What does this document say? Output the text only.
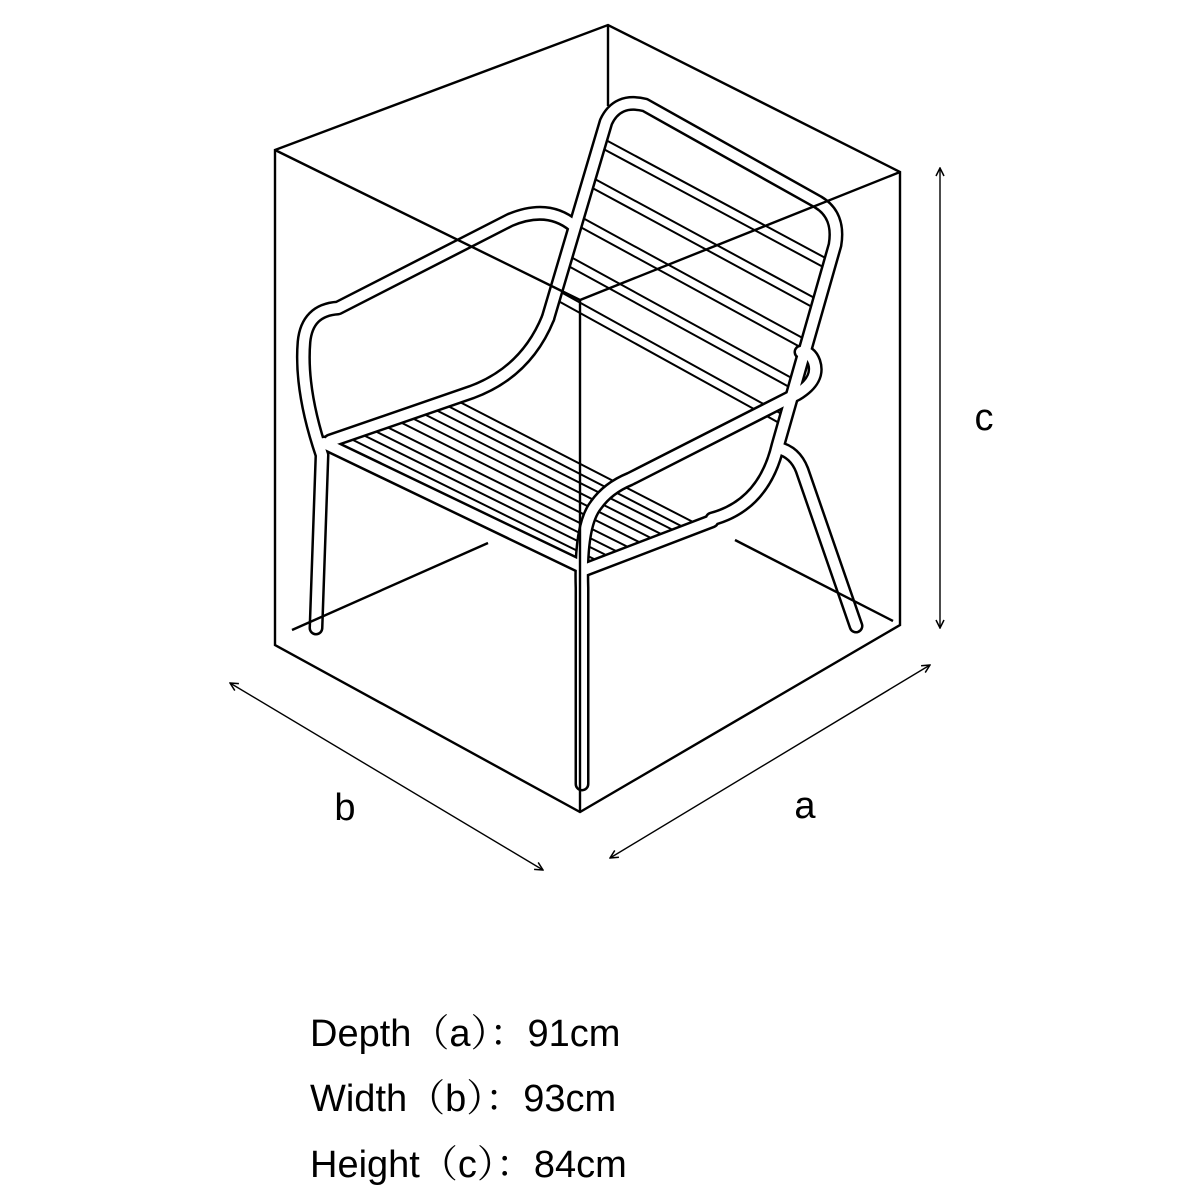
c
b	a
Depth（a）：91cm
Width（b）：93cm
Height（c）：84cm
